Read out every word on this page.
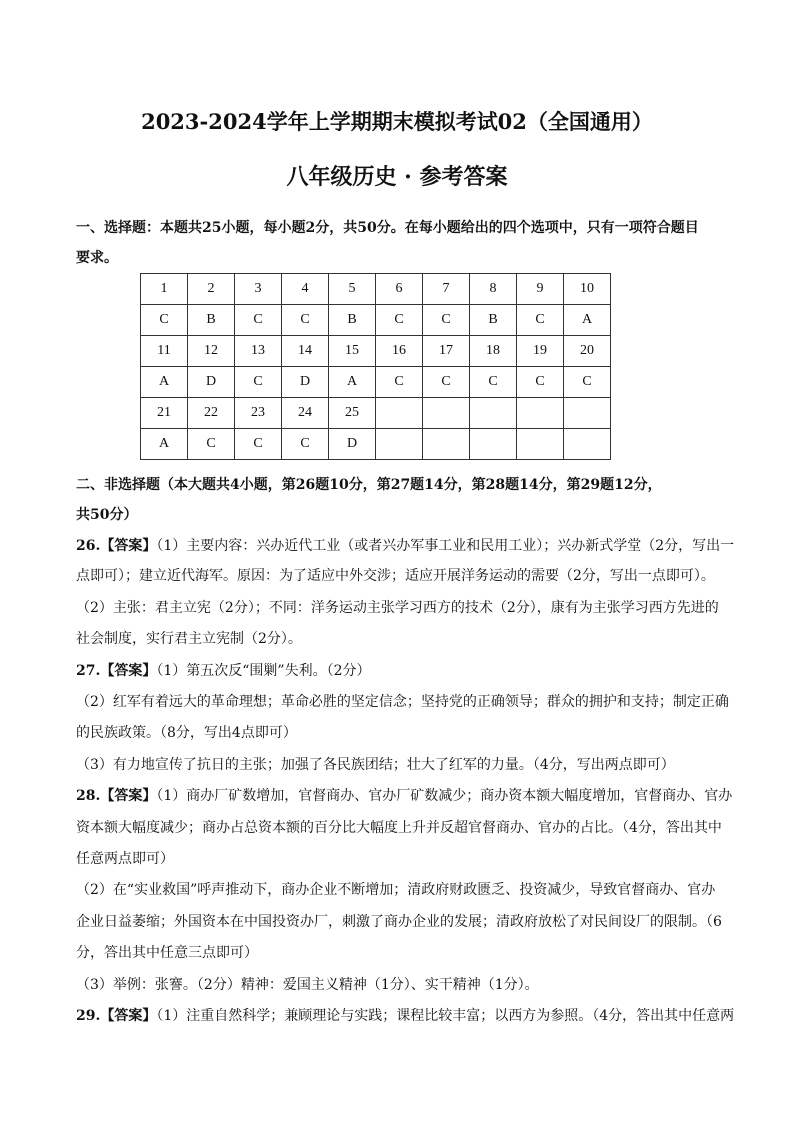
2023-2024学年上学期期末模拟考试02（全国通用）
八年级历史 · 参考答案
一、选择题：本题共25小题，每小题2分，共50分。在每小题给出的四个选项中，只有一项符合题目
要求。
1	2	3	4	5	6	7	8	9	10
C	B	C	C	B	C	C	B	C	A
11	12	13	14	15	16	17	18	19	20
A	D	C	D	A	C	C	C	C	C
21	22	23	24	25					
A	C	C	C	D					
二、非选择题（本大题共4小题，第26题10分，第27题14分，第28题14分，第29题12分，
共50分）
26.【答案】（1）主要内容：兴办近代工业（或者兴办军事工业和民用工业）；兴办新式学堂（2分，写出一
点即可）；建立近代海军。原因：为了适应中外交涉；适应开展洋务运动的需要（2分，写出一点即可）。
（2）主张：君主立宪（2分）；不同：洋务运动主张学习西方的技术（2分），康有为主张学习西方先进的
社会制度，实行君主立宪制（2分）。
27.【答案】（1）第五次反“围剿”失利。（2分）
（2）红军有着远大的革命理想；革命必胜的坚定信念；坚持党的正确领导；群众的拥护和支持；制定正确
的民族政策。（8分，写出4点即可）
（3）有力地宣传了抗日的主张；加强了各民族团结；壮大了红军的力量。（4分，写出两点即可）
28.【答案】（1）商办厂矿数增加，官督商办、官办厂矿数减少；商办资本额大幅度增加，官督商办、官办
资本额大幅度减少；商办占总资本额的百分比大幅度上升并反超官督商办、官办的占比。（4分，答出其中
任意两点即可）
（2）在“实业救国”呼声推动下，商办企业不断增加；清政府财政匮乏、投资减少，导致官督商办、官办
企业日益萎缩；外国资本在中国投资办厂，刺激了商办企业的发展；清政府放松了对民间设厂的限制。（6
分，答出其中任意三点即可）
（3）举例：张謇。（2分）精神：爱国主义精神（1分）、实干精神（1分）。
29.【答案】（1）注重自然科学；兼顾理论与实践；课程比较丰富；以西方为参照。（4分，答出其中任意两
